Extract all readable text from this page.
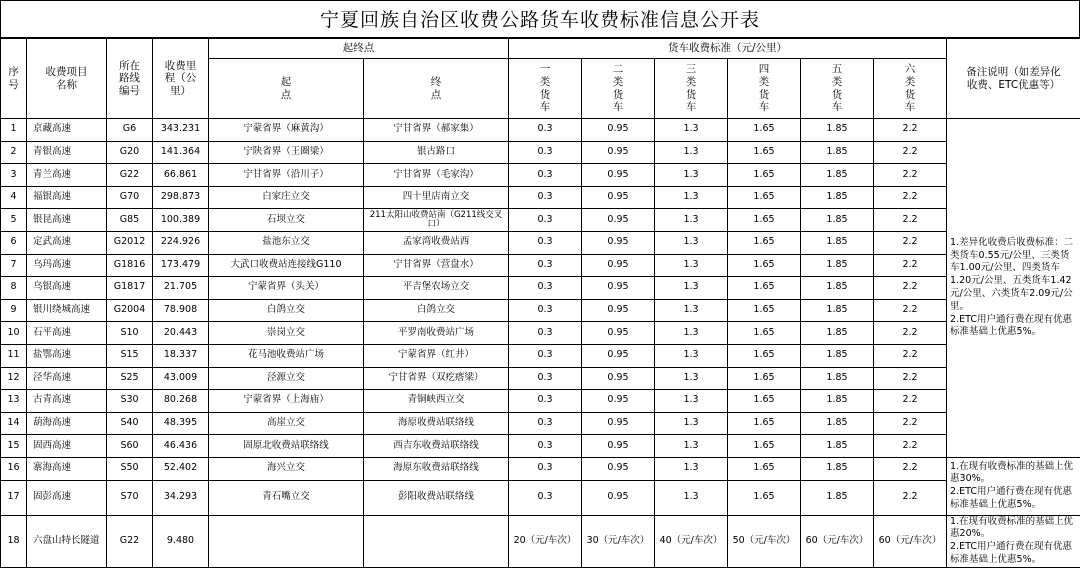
宁夏回族自治区收费公路货车收费标准信息公开表
序号	收费项目名称	所在路线编号	收费里程（公里）	起终点		货车收费标准（元/公里）						备注说明（如差异化收费、ETC优惠等）

				起点	终点	一类货车	二类货车	三类货车	四类货车	五类货车	六类货车	

1	京藏高速	G6	343.231	宁蒙省界（麻黄沟）	宁甘省界（郝家集）	0.3	0.95	1.3	1.65	1.85	2.2	1.差异化收费后收费标准：二类货车0.55元/公里、三类货车1.00元/公里、四类货车1.20元/公里、五类货车1.42元/公里、六类货车2.09元/公里。
2.ETC用户通行费在现有优惠标准基础上优惠5%。
2	青银高速	G20	141.364	宁陕省界（王圈梁）	银古路口	0.3	0.95	1.3	1.65	1.85	2.2	
3	青兰高速	G22	66.861	宁甘省界（沿川子）	宁甘省界（毛家沟）	0.3	0.95	1.3	1.65	1.85	2.2	
4	福银高速	G70	298.873	白家庄立交	四十里店南立交	0.3	0.95	1.3	1.65	1.85	2.2	
5	银昆高速	G85	100.389	石坝立交	211太阳山收费站南（G211线交叉口）	0.3	0.95	1.3	1.65	1.85	2.2	
6	定武高速	G2012	224.926	盐池东立交	孟家湾收费站西	0.3	0.95	1.3	1.65	1.85	2.2	
7	乌玛高速	G1816	173.479	大武口收费站连接线G110	宁甘省界（营盘水）	0.3	0.95	1.3	1.65	1.85	2.2	
8	乌银高速	G1817	21.705	宁蒙省界（头关）	平吉堡农场立交	0.3	0.95	1.3	1.65	1.85	2.2	
9	银川绕城高速	G2004	78.908	白鸽立交	白鸽立交	0.3	0.95	1.3	1.65	1.85	2.2	
10	石平高速	S10	20.443	崇岗立交	平罗南收费站广场	0.3	0.95	1.3	1.65	1.85	2.2	
11	盐鄂高速	S15	18.337	花马池收费站广场	宁蒙省界（红井）	0.3	0.95	1.3	1.65	1.85	2.2	
12	泾华高速	S25	43.009	泾源立交	宁甘省界（双疙瘩梁）	0.3	0.95	1.3	1.65	1.85	2.2	
13	古青高速	S30	80.268	宁蒙省界（上海庙）	青铜峡西立交	0.3	0.95	1.3	1.65	1.85	2.2	
14	葫海高速	S40	48.395	高崖立交	海原收费站联络线	0.3	0.95	1.3	1.65	1.85	2.2	
15	固西高速	S60	46.436	固原北收费站联络线	西吉东收费站联络线	0.3	0.95	1.3	1.65	1.85	2.2	
16	寨海高速	S50	52.402	海兴立交	海原东收费站联络线	0.3	0.95	1.3	1.65	1.85	2.2	1.在现有收费标准的基础上优惠30%。
2.ETC用户通行费在现有优惠标准基础上优惠5%。
17	固彭高速	S70	34.293	青石嘴立交	彭阳收费站联络线	0.3	0.95	1.3	1.65	1.85	2.2	
18	六盘山特长隧道	G22	9.480			20（元/车次）	30（元/车次）	40（元/车次）	50（元/车次）	60（元/车次）	60（元/车次）	1.在现有收费标准的基础上优惠20%。
2.ETC用户通行费在现有优惠标准基础上优惠5%。
